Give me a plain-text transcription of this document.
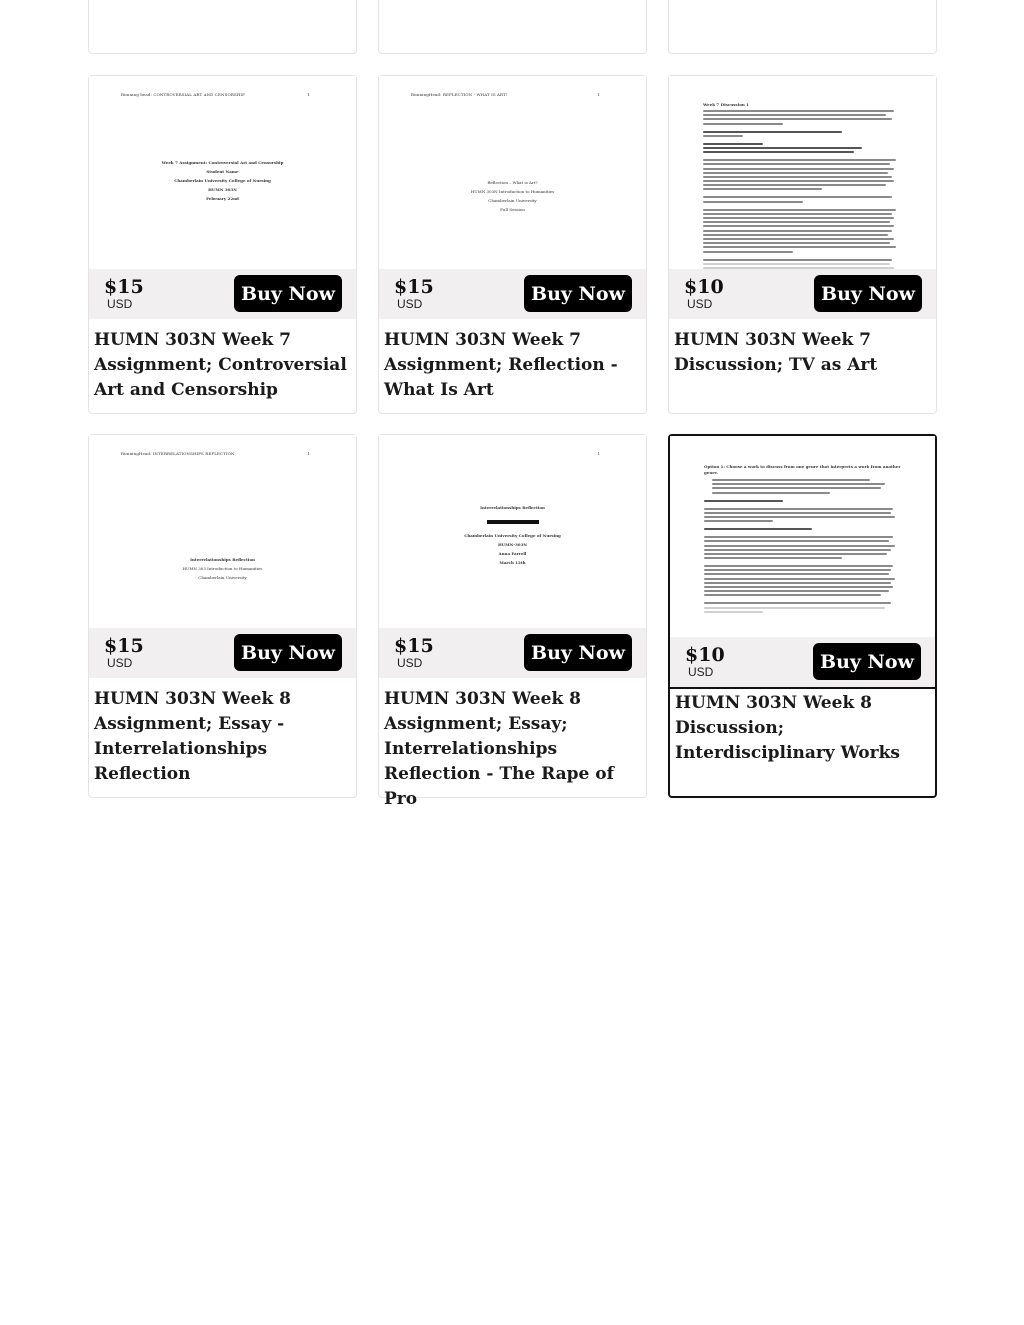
Running head: CONTROVERSIAL ART AND CENSORSHIP	1
Week 7 Assignment: Controversial Art and Censorship
Student Name
Chamberlain University College of Nursing
HUMN 303N
February 22nd
$15
USD	Buy Now
HUMN 303N Week 7 Assignment; Controversial Art and Censorship
RunningHead: REFLECTION - WHAT IS ART!	1
Reflection – What is Art?
HUMN 303N Introduction to Humanities
Chamberlain University
Full Session
$15
USD	Buy Now
HUMN 303N Week 7 Assignment; Reflection - What Is Art
Week 7 Discussion 1
$10
USD	Buy Now
HUMN 303N Week 7 Discussion; TV as Art
RunningHead: INTERRELATIONSHIPS REFLECTION	1
Interrelationships Reflection
HUMN 303 Introduction to Humanities
Chamberlain University
$15
USD	Buy Now
HUMN 303N Week 8 Assignment; Essay - Interrelationships Reflection
1
Interrelationships Reflection
Chamberlain University College of Nursing
HUMN-303N
Anna Farrell
March 12th
$15
USD	Buy Now
HUMN 303N Week 8 Assignment; Essay; Interrelationships Reflection - The Rape of Pro
Option 1: Choose a work to discuss from one genre that interprets a work from another genre.
$10
USD	Buy Now
HUMN 303N Week 8 Discussion; Interdisciplinary Works
